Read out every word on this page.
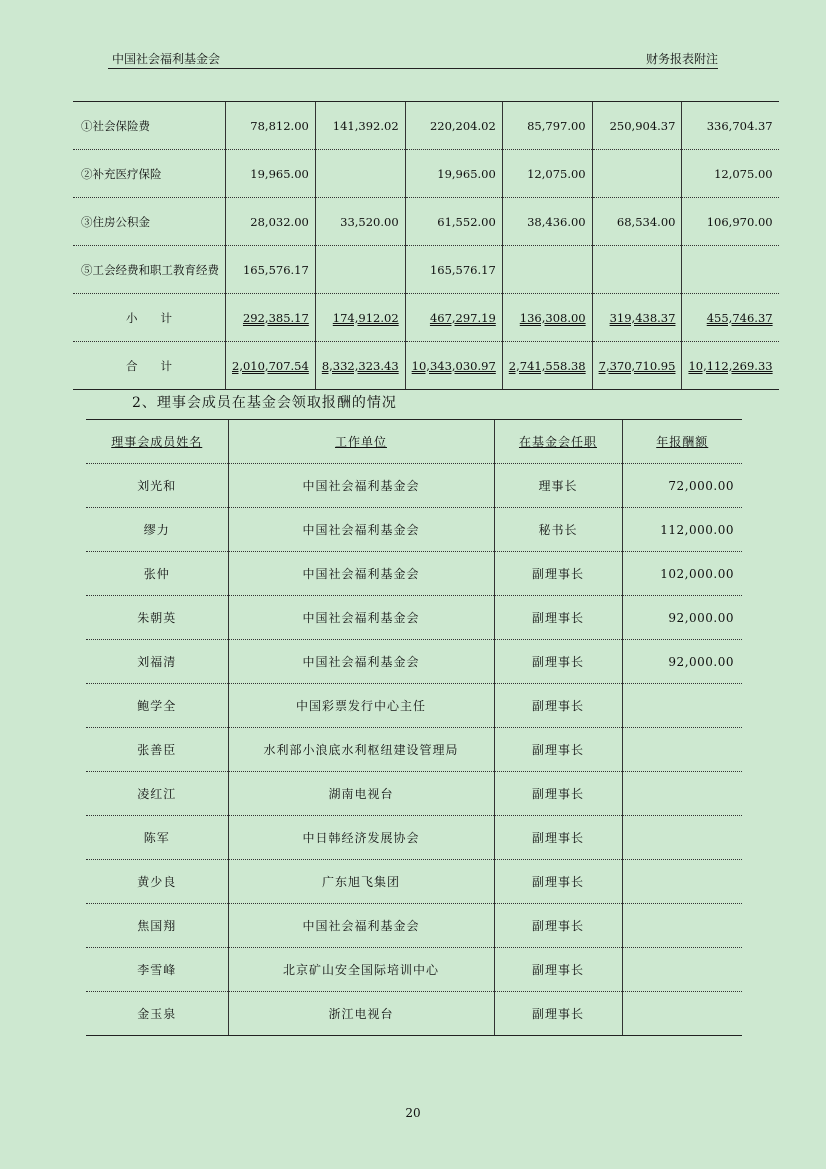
中国社会福利基金会	财务报表附注
①社会保险费	78,812.00	141,392.02	220,204.02	85,797.00	250,904.37	336,704.37
②补充医疗保险	19,965.00		19,965.00	12,075.00		12,075.00
③住房公积金	28,032.00	33,520.00	61,552.00	38,436.00	68,534.00	106,970.00
⑤工会经费和职工教育经费	165,576.17		165,576.17			
小　　计	292,385.17	174,912.02	467,297.19	136,308.00	319,438.37	455,746.37
合　　计	2,010,707.54	8,332,323.43	10,343,030.97	2,741,558.38	7,370,710.95	10,112,269.33
2、理事会成员在基金会领取报酬的情况
理事会成员姓名	工作单位	在基金会任职	年报酬额
刘光和	中国社会福利基金会	理事长	72,000.00
缪力	中国社会福利基金会	秘书长	112,000.00
张仲	中国社会福利基金会	副理事长	102,000.00
朱朝英	中国社会福利基金会	副理事长	92,000.00
刘福清	中国社会福利基金会	副理事长	92,000.00
鲍学全	中国彩票发行中心主任	副理事长	
张善臣	水利部小浪底水利枢纽建设管理局	副理事长	
凌红江	湖南电视台	副理事长	
陈军	中日韩经济发展协会	副理事长	
黄少良	广东旭飞集团	副理事长	
焦国翔	中国社会福利基金会	副理事长	
李雪峰	北京矿山安全国际培训中心	副理事长	
金玉泉	浙江电视台	副理事长	
20
